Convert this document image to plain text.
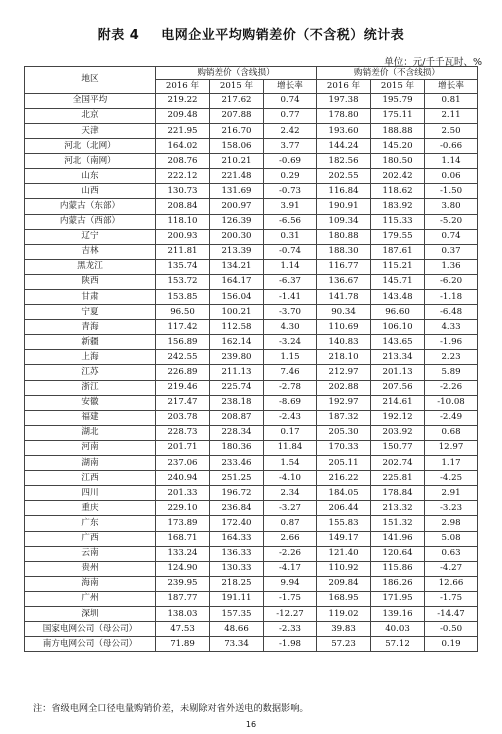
附表 4 电网企业平均购销差价（不含税）统计表
单位：元/千千瓦时、%
地区	购销差价（含线损）			购销差价（不含线损）		
	2016 年	2015 年	增长率	2016 年	2015 年	增长率
全国平均	219.22	217.62	0.74	197.38	195.79	0.81
北京	209.48	207.88	0.77	178.80	175.11	2.11
天津	221.95	216.70	2.42	193.60	188.88	2.50
河北（北网）	164.02	158.06	3.77	144.24	145.20	-0.66
河北（南网）	208.76	210.21	-0.69	182.56	180.50	1.14
山东	222.12	221.48	0.29	202.55	202.42	0.06
山西	130.73	131.69	-0.73	116.84	118.62	-1.50
内蒙古（东部）	208.84	200.97	3.91	190.91	183.92	3.80
内蒙古（西部）	118.10	126.39	-6.56	109.34	115.33	-5.20
辽宁	200.93	200.30	0.31	180.88	179.55	0.74
吉林	211.81	213.39	-0.74	188.30	187.61	0.37
黑龙江	135.74	134.21	1.14	116.77	115.21	1.36
陕西	153.72	164.17	-6.37	136.67	145.71	-6.20
甘肃	153.85	156.04	-1.41	141.78	143.48	-1.18
宁夏	96.50	100.21	-3.70	90.34	96.60	-6.48
青海	117.42	112.58	4.30	110.69	106.10	4.33
新疆	156.89	162.14	-3.24	140.83	143.65	-1.96
上海	242.55	239.80	1.15	218.10	213.34	2.23
江苏	226.89	211.13	7.46	212.97	201.13	5.89
浙江	219.46	225.74	-2.78	202.88	207.56	-2.26
安徽	217.47	238.18	-8.69	192.97	214.61	-10.08
福建	203.78	208.87	-2.43	187.32	192.12	-2.49
湖北	228.73	228.34	0.17	205.30	203.92	0.68
河南	201.71	180.36	11.84	170.33	150.77	12.97
湖南	237.06	233.46	1.54	205.11	202.74	1.17
江西	240.94	251.25	-4.10	216.22	225.81	-4.25
四川	201.33	196.72	2.34	184.05	178.84	2.91
重庆	229.10	236.84	-3.27	206.44	213.32	-3.23
广东	173.89	172.40	0.87	155.83	151.32	2.98
广西	168.71	164.33	2.66	149.17	141.96	5.08
云南	133.24	136.33	-2.26	121.40	120.64	0.63
贵州	124.90	130.33	-4.17	110.92	115.86	-4.27
海南	239.95	218.25	9.94	209.84	186.26	12.66
广州	187.77	191.11	-1.75	168.95	171.95	-1.75
深圳	138.03	157.35	-12.27	119.02	139.16	-14.47
国家电网公司（母公司）	47.53	48.66	-2.33	39.83	40.03	-0.50
南方电网公司（母公司）	71.89	73.34	-1.98	57.23	57.12	0.19
注：省级电网全口径电量购销价差，未剔除对省外送电的数据影响。
16
